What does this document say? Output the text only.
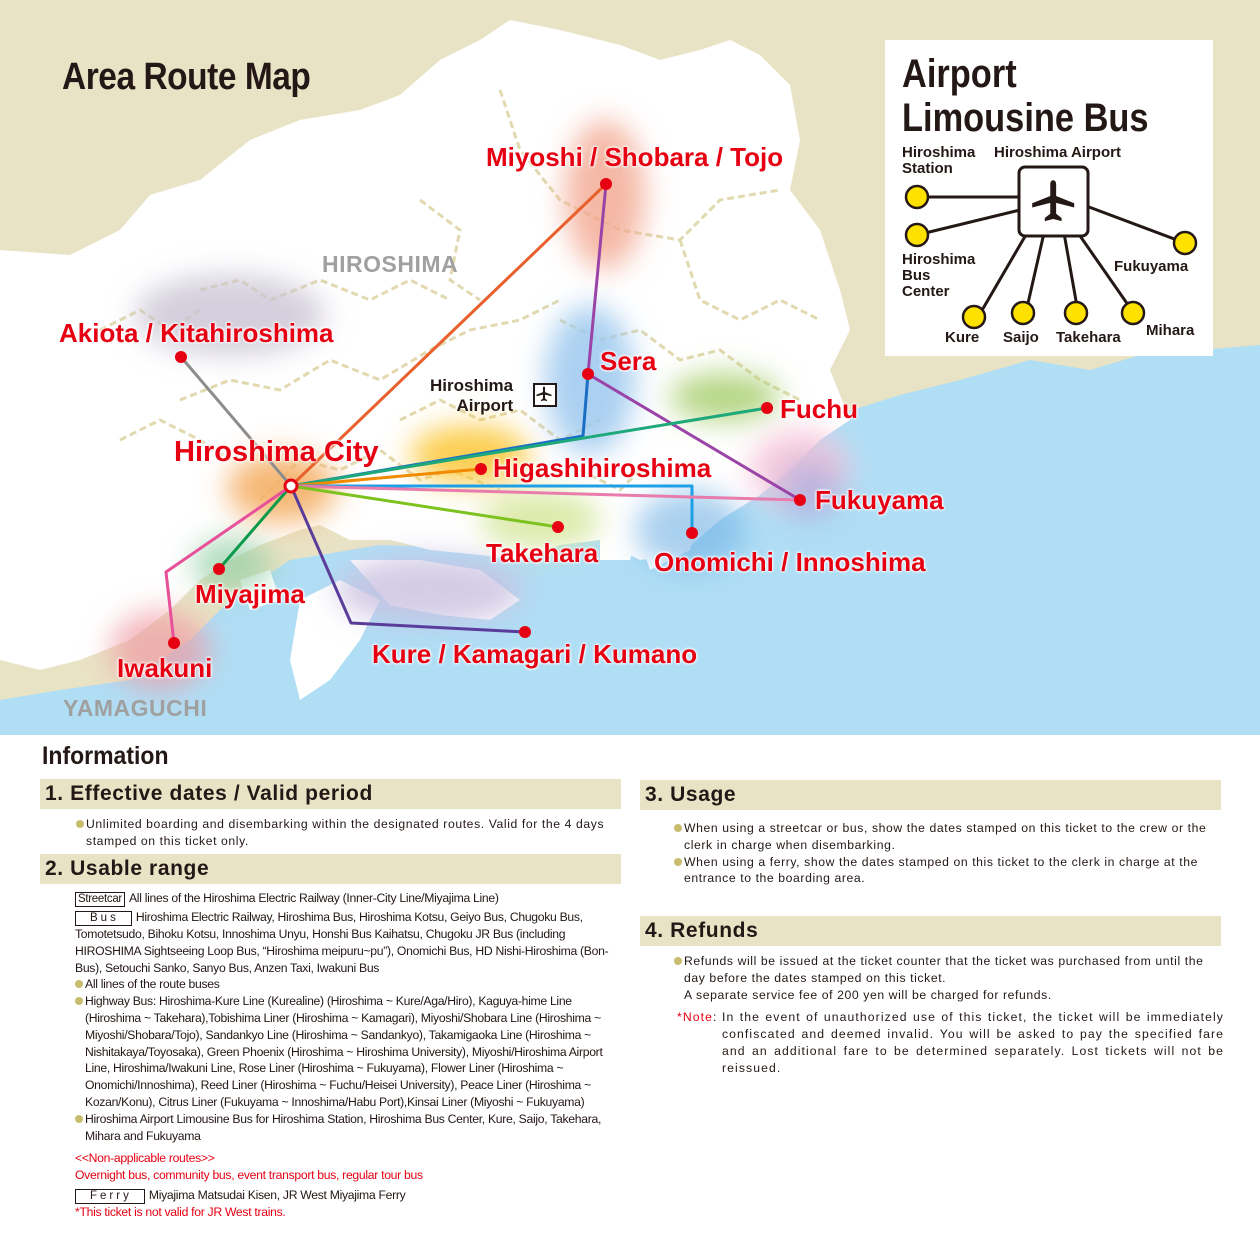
Area Route Map
HIROSHIMA
YAMAGUCHI
Hiroshima City
Miyoshi / Shobara / Tojo
Akiota / Kitahiroshima
Sera
Fuchu
Higashihiroshima
Fukuyama
Takehara Onomichi / Innoshima
Miyajima
Iwakuni	Kure / Kamagari / Kumano
Hiroshima
Airport
Airport
Limousine Bus
Hiroshima Airport
Hiroshima
Station
Hiroshima
Bus
Center
Kure Saijo Takehara Mihara
Fukuyama
Information
1. Effective dates / Valid period
Unlimited boarding and disembarking within the designated routes. Valid for the 4 days stamped on this ticket only.
2. Usable range
Streetcar All lines of the Hiroshima Electric Railway (Inner-City Line/Miyajima Line)
Bus Hiroshima Electric Railway, Hiroshima Bus, Hiroshima Kotsu, Geiyo Bus, Chugoku Bus, Tomotetsudo, Bihoku Kotsu, Innoshima Unyu, Honshi Bus Kaihatsu, Chugoku JR Bus (including HIROSHIMA Sightseeing Loop Bus, “Hiroshima meipuru~pu”), Onomichi Bus, HD Nishi-Hiroshima (Bon-Bus), Setouchi Sanko, Sanyo Bus, Anzen Taxi, Iwakuni Bus
All lines of the route buses
Highway Bus: Hiroshima-Kure Line (Kurealine) (Hiroshima ~ Kure/Aga/Hiro), Kaguya-hime Line (Hiroshima ~ Takehara),Tobishima Liner (Hiroshima ~ Kamagari), Miyoshi/Shobara Line (Hiroshima ~ Miyoshi/Shobara/Tojo), Sandankyo Line (Hiroshima ~ Sandankyo), Takamigaoka Line (Hiroshima ~ Nishitakaya/Toyosaka), Green Phoenix (Hiroshima ~ Hiroshima University), Miyoshi/Hiroshima Airport Line, Hiroshima/Iwakuni Line, Rose Liner (Hiroshima ~ Fukuyama), Flower Liner (Hiroshima ~ Onomichi/Innoshima), Reed Liner (Hiroshima ~ Fuchu/Heisei University), Peace Liner (Hiroshima ~ Kozan/Konu), Citrus Liner (Fukuyama ~ Innoshima/Habu Port),Kinsai Liner (Miyoshi ~ Fukuyama)
Hiroshima Airport Limousine Bus for Hiroshima Station, Hiroshima Bus Center, Kure, Saijo, Takehara, Mihara and Fukuyama
<<Non-applicable routes>>
Overnight bus, community bus, event transport bus, regular tour bus
Ferry Miyajima Matsudai Kisen, JR West Miyajima Ferry
*This ticket is not valid for JR West trains.
3. Usage
When using a streetcar or bus, show the dates stamped on this ticket to the crew or the clerk in charge when disembarking.
When using a ferry, show the dates stamped on this ticket to the clerk in charge at the entrance to the boarding area.
4. Refunds
Refunds will be issued at the ticket counter that the ticket was purchased from until the day before the dates stamped on this ticket.
A separate service fee of 200 yen will be charged for refunds.
*Note: In the event of unauthorized use of this ticket, the ticket will be immediately confiscated and deemed invalid. You will be asked to pay the specified fare and an additional fare to be determined separately. Lost tickets will not be reissued.
